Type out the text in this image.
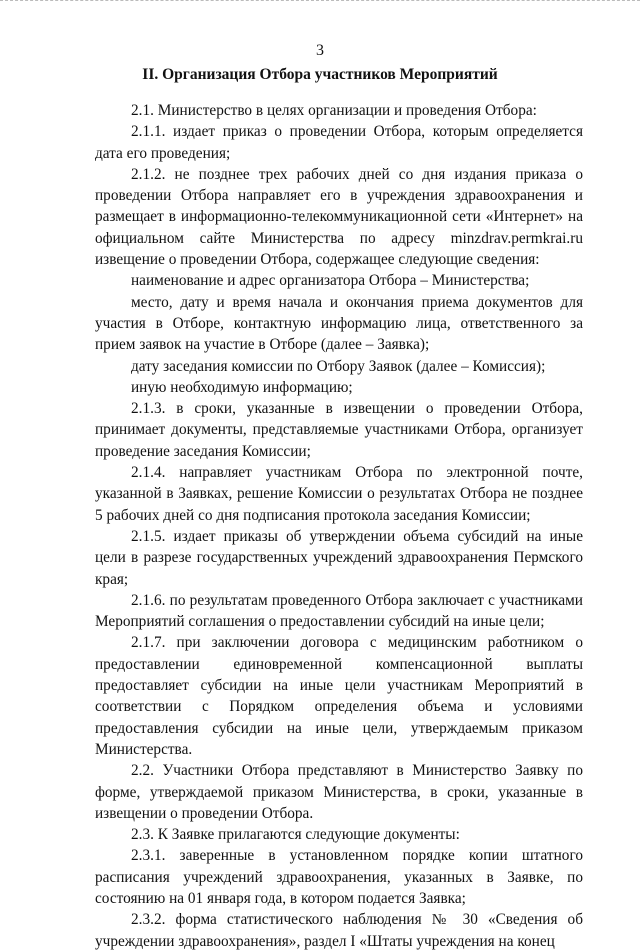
3
II. Организация Отбора участников Мероприятий

2.1. Министерство в целях организации и проведения Отбора:

2.1.1. издает приказ о проведении Отбора, которым определяется дата его проведения;

2.1.2. не позднее трех рабочих дней со дня издания приказа о проведении Отбора направляет его в учреждения здравоохранения и размещает в информационно-телекоммуникационной сети «Интернет» на официальном сайте Министерства по адресу minzdrav.permkrai.ru извещение о проведении Отбора, содержащее следующие сведения:

наименование и адрес организатора Отбора – Министерства;

место, дату и время начала и окончания приема документов для участия в Отборе, контактную информацию лица, ответственного за прием заявок на участие в Отборе (далее – Заявка);

дату заседания комиссии по Отбору Заявок (далее – Комиссия);

иную необходимую информацию;

2.1.3. в сроки, указанные в извещении о проведении Отбора, принимает документы, представляемые участниками Отбора, организует проведение заседания Комиссии;

2.1.4. направляет участникам Отбора по электронной почте, указанной в Заявках, решение Комиссии о результатах Отбора не позднее 5 рабочих дней со дня подписания протокола заседания Комиссии;

2.1.5. издает приказы об утверждении объема субсидий на иные цели в разрезе государственных учреждений здравоохранения Пермского края;

2.1.6. по результатам проведенного Отбора заключает с участниками Мероприятий соглашения о предоставлении субсидий на иные цели;

2.1.7. при заключении договора с медицинским работником о предоставлении единовременной компенсационной выплаты предоставляет субсидии на иные цели участникам Мероприятий в соответствии с Порядком определения объема и условиями предоставления субсидии на иные цели, утверждаемым приказом Министерства.

2.2. Участники Отбора представляют в Министерство Заявку по форме, утверждаемой приказом Министерства, в сроки, указанные в извещении о проведении Отбора.

2.3. К Заявке прилагаются следующие документы:

2.3.1. заверенные в установленном порядке копии штатного расписания учреждений здравоохранения, указанных в Заявке, по состоянию на 01 января года, в котором подается Заявка;

2.3.2. форма статистического наблюдения № 30 «Сведения об учреждении здравоохранения», раздел I «Штаты учреждения на конец
